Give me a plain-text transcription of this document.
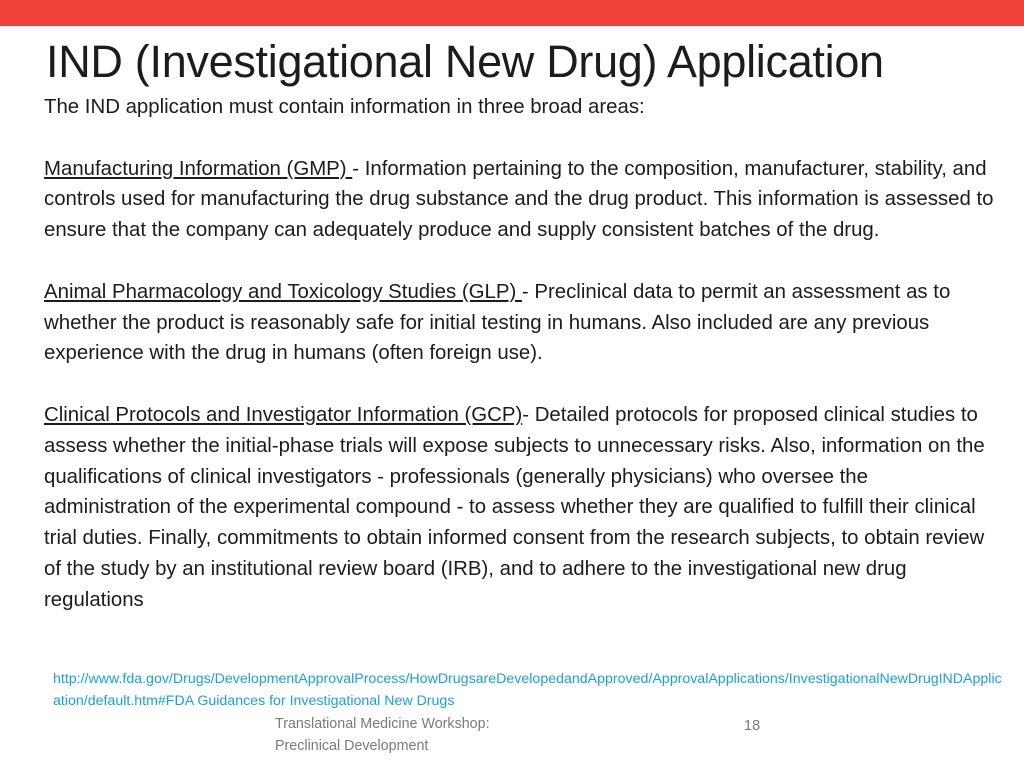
IND (Investigational New Drug) Application

The IND application must contain information in three broad areas:

Manufacturing Information (GMP) - Information pertaining to the composition, manufacturer, stability, and controls used for manufacturing the drug substance and the drug product. This information is assessed to ensure that the company can adequately produce and supply consistent batches of the drug.

Animal Pharmacology and Toxicology Studies (GLP) - Preclinical data to permit an assessment as to whether the product is reasonably safe for initial testing in humans. Also included are any previous experience with the drug in humans (often foreign use).

Clinical Protocols and Investigator Information (GCP)- Detailed protocols for proposed clinical studies to assess whether the initial-phase trials will expose subjects to unnecessary risks. Also, information on the qualifications of clinical investigators - professionals (generally physicians) who oversee the administration of the experimental compound - to assess whether they are qualified to fulfill their clinical trial duties. Finally, commitments to obtain informed consent from the research subjects, to obtain review of the study by an institutional review board (IRB), and to adhere to the investigational new drug regulations

http://www.fda.gov/Drugs/DevelopmentApprovalProcess/HowDrugsareDevelopedandApproved/ApprovalApplications/InvestigationalNewDrugINDApplication/default.htm#FDA Guidances for Investigational New Drugs
Translational Medicine Workshop:
Preclinical Development
18
